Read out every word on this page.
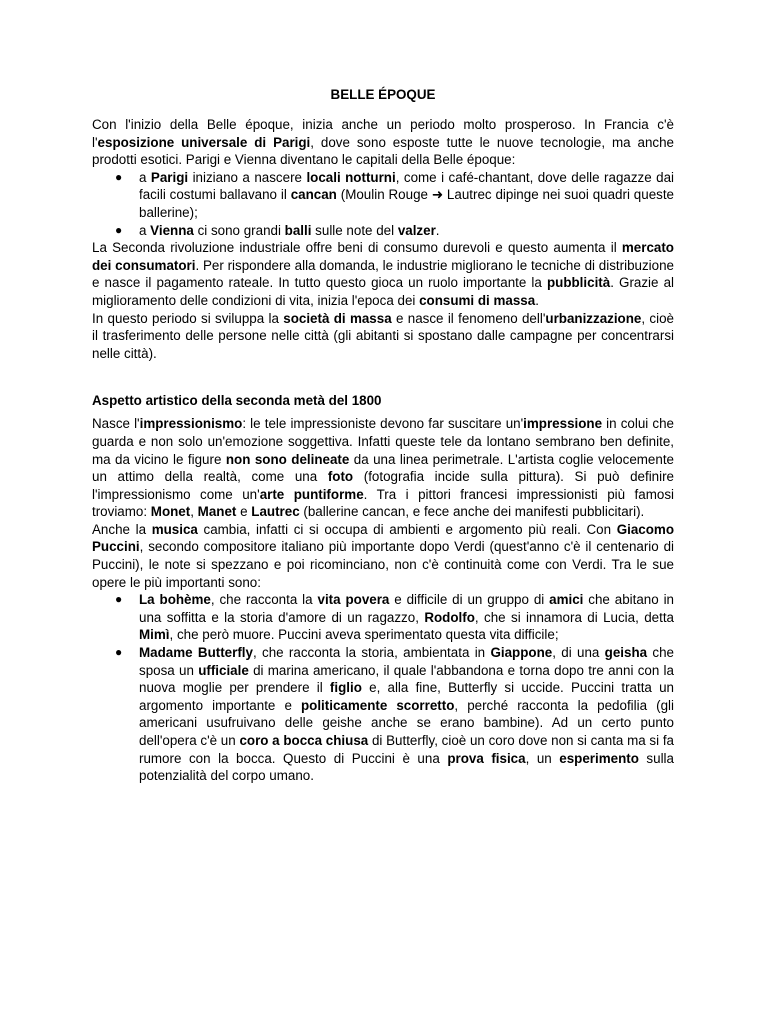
BELLE ÉPOQUE

Con l'inizio della Belle époque, inizia anche un periodo molto prosperoso. In Francia c'è l'esposizione universale di Parigi, dove sono esposte tutte le nuove tecnologie, ma anche prodotti esotici. Parigi e Vienna diventano le capitali della Belle époque:

● a Parigi iniziano a nascere locali notturni, come i café-chantant, dove delle ragazze dai facili costumi ballavano il cancan (Moulin Rouge ➜ Lautrec dipinge nei suoi quadri queste ballerine);
● a Vienna ci sono grandi balli sulle note del valzer.

La Seconda rivoluzione industriale offre beni di consumo durevoli e questo aumenta il mercato dei consumatori. Per rispondere alla domanda, le industrie migliorano le tecniche di distribuzione e nasce il pagamento rateale. In tutto questo gioca un ruolo importante la pubblicità. Grazie al miglioramento delle condizioni di vita, inizia l'epoca dei consumi di massa.

In questo periodo si sviluppa la società di massa e nasce il fenomeno dell'urbanizzazione, cioè il trasferimento delle persone nelle città (gli abitanti si spostano dalle campagne per concentrarsi nelle città).

Aspetto artistico della seconda metà del 1800

Nasce l'impressionismo: le tele impressioniste devono far suscitare un'impressione in colui che guarda e non solo un'emozione soggettiva. Infatti queste tele da lontano sembrano ben definite, ma da vicino le figure non sono delineate da una linea perimetrale. L'artista coglie velocemente un attimo della realtà, come una foto (fotografia incide sulla pittura). Si può definire l'impressionismo come un'arte puntiforme. Tra i pittori francesi impressionisti più famosi troviamo: Monet, Manet e Lautrec (ballerine cancan, e fece anche dei manifesti pubblicitari).

Anche la musica cambia, infatti ci si occupa di ambienti e argomento più reali. Con Giacomo Puccini, secondo compositore italiano più importante dopo Verdi (quest'anno c'è il centenario di Puccini), le note si spezzano e poi ricominciano, non c'è continuità come con Verdi. Tra le sue opere le più importanti sono:

● La bohème, che racconta la vita povera e difficile di un gruppo di amici che abitano in una soffitta e la storia d'amore di un ragazzo, Rodolfo, che si innamora di Lucia, detta Mimì, che però muore. Puccini aveva sperimentato questa vita difficile;
● Madame Butterfly, che racconta la storia, ambientata in Giappone, di una geisha che sposa un ufficiale di marina americano, il quale l'abbandona e torna dopo tre anni con la nuova moglie per prendere il figlio e, alla fine, Butterfly si uccide. Puccini tratta un argomento importante e politicamente scorretto, perché racconta la pedofilia (gli americani usufruivano delle geishe anche se erano bambine). Ad un certo punto dell'opera c'è un coro a bocca chiusa di Butterfly, cioè un coro dove non si canta ma si fa rumore con la bocca. Questo di Puccini è una prova fisica, un esperimento sulla potenzialità del corpo umano.
